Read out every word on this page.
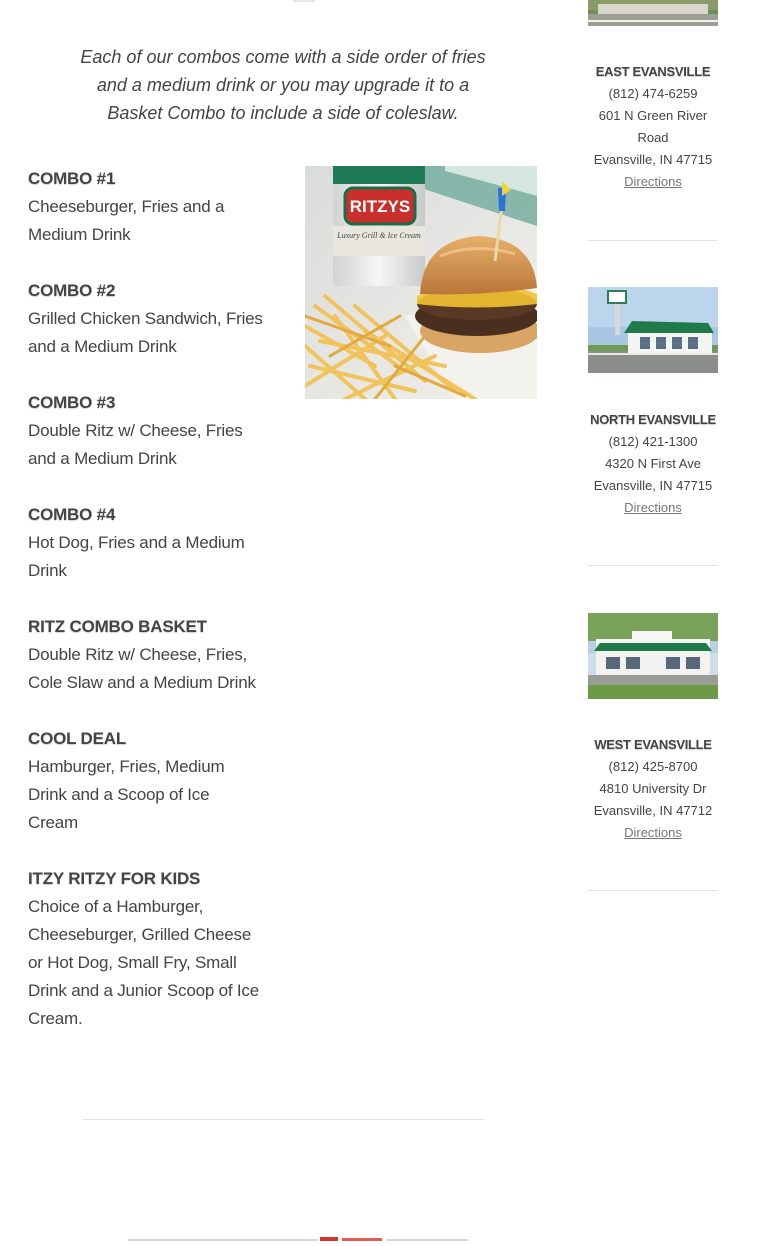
Each of our combos come with a side order of fries and a medium drink or you may upgrade it to a Basket Combo to include a side of coleslaw.

COMBO #1
Cheeseburger, Fries and a Medium Drink
COMBO #2
Grilled Chicken Sandwich, Fries and a Medium Drink
COMBO #3
Double Ritz w/ Cheese, Fries and a Medium Drink
COMBO #4
Hot Dog, Fries and a Medium Drink
RITZ COMBO BASKET
Double Ritz w/ Cheese, Fries, Cole Slaw and a Medium Drink
COOL DEAL
Hamburger, Fries, Medium Drink and a Scoop of Ice Cream
ITZY RITZY FOR KIDS
Choice of a Hamburger, Cheeseburger, Grilled Cheese or Hot Dog, Small Fry, Small Drink and a Junior Scoop of Ice Cream.
RITZYS
Luxury Grill & Ice Cream
EAST EVANSVILLE
(812) 474-6259
601 N Green River Road
Evansville, IN 47715
Directions
NORTH EVANSVILLE
(812) 421-1300
4320 N First Ave
Evansville, IN 47715
Directions
WEST EVANSVILLE
(812) 425-8700
4810 University Dr
Evansville, IN 47712
Directions
